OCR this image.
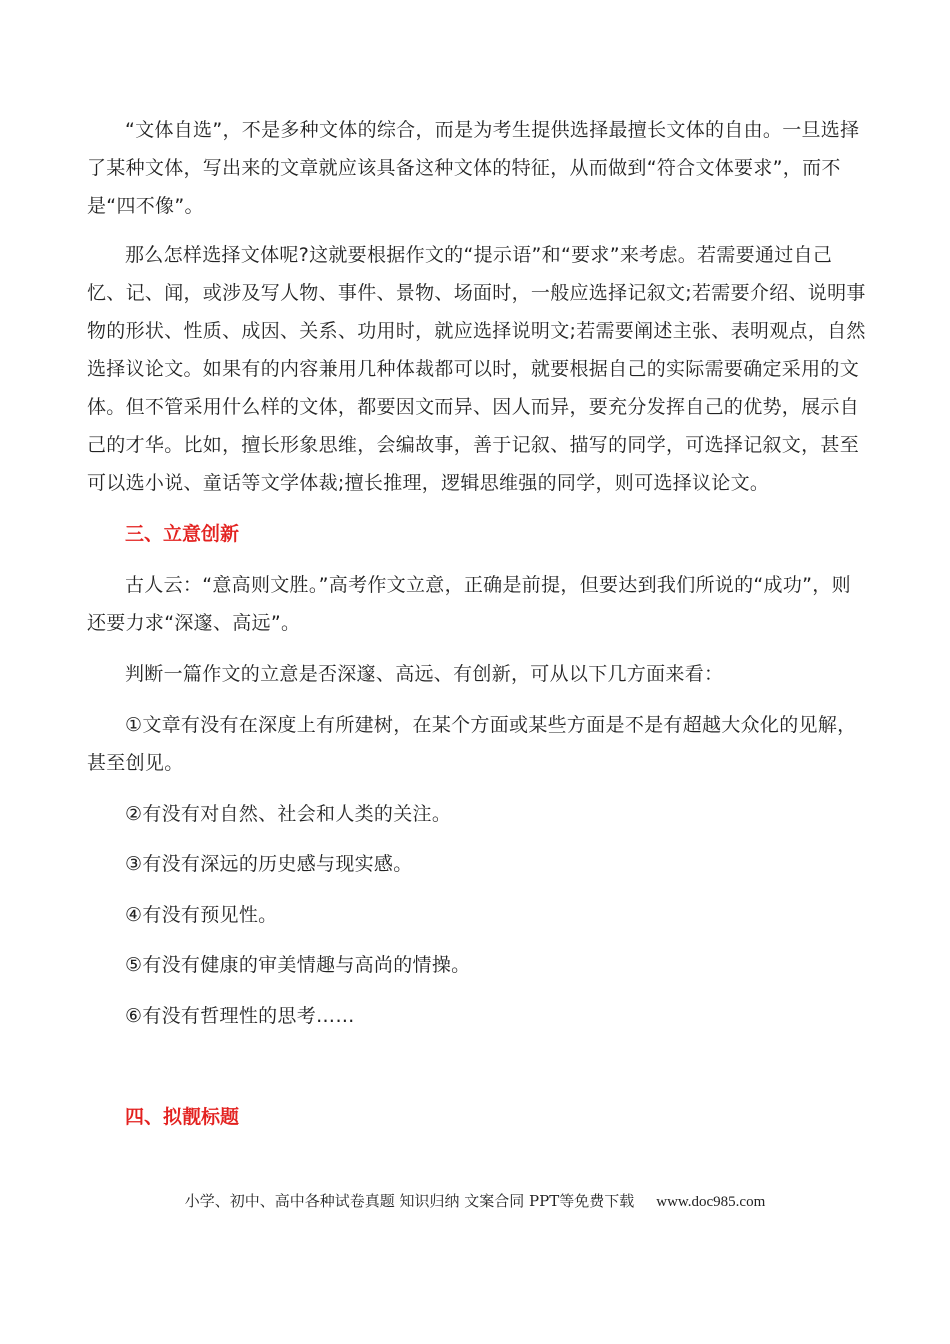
“文体自选”，不是多种文体的综合，而是为考生提供选择最擅长文体的自由。一旦选择了某种文体，写出来的文章就应该具备这种文体的特征，从而做到“符合文体要求”，而不是“四不像”。

那么怎样选择文体呢?这就要根据作文的“提示语”和“要求”来考虑。若需要通过自己忆、记、闻，或涉及写人物、事件、景物、场面时，一般应选择记叙文;若需要介绍、说明事物的形状、性质、成因、关系、功用时，就应选择说明文;若需要阐述主张、表明观点，自然选择议论文。如果有的内容兼用几种体裁都可以时，就要根据自己的实际需要确定采用的文体。但不管采用什么样的文体，都要因文而异、因人而异，要充分发挥自己的优势，展示自己的才华。比如，擅长形象思维，会编故事，善于记叙、描写的同学，可选择记叙文，甚至可以选小说、童话等文学体裁;擅长推理，逻辑思维强的同学，则可选择议论文。

三、立意创新

古人云：“意高则文胜。”高考作文立意，正确是前提，但要达到我们所说的“成功”，则还要力求“深邃、高远”。

判断一篇作文的立意是否深邃、高远、有创新，可从以下几方面来看：

①文章有没有在深度上有所建树，在某个方面或某些方面是不是有超越大众化的见解，甚至创见。

②有没有对自然、社会和人类的关注。

③有没有深远的历史感与现实感。

④有没有预见性。

⑤有没有健康的审美情趣与高尚的情操。

⑥有没有哲理性的思考……

四、拟靓标题

小学、初中、高中各种试卷真题 知识归纳 文案合同 PPT等免费下载 www.doc985.com
